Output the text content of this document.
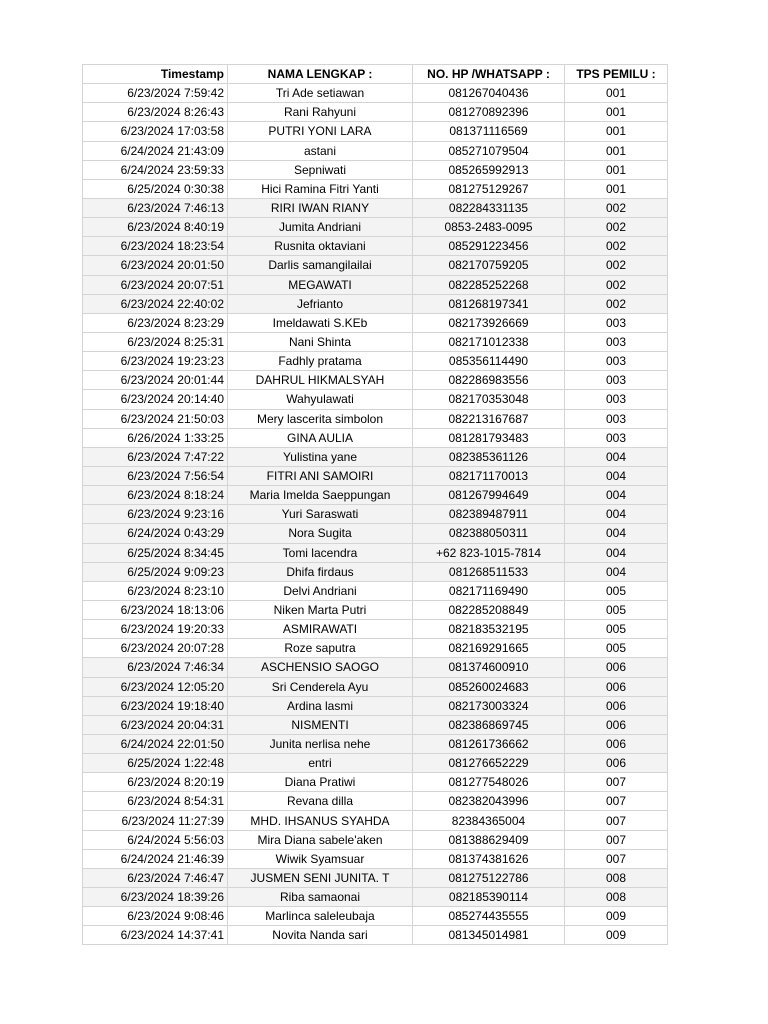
Timestamp	NAMA LENGKAP :	NO. HP /WHATSAPP :	TPS PEMILU :
6/23/2024 7:59:42	Tri Ade setiawan	081267040436	001
6/23/2024 8:26:43	Rani Rahyuni	081270892396	001
6/23/2024 17:03:58	PUTRI YONI LARA	081371116569	001
6/24/2024 21:43:09	astani	085271079504	001
6/24/2024 23:59:33	Sepniwati	085265992913	001
6/25/2024 0:30:38	Hici Ramina Fitri Yanti	081275129267	001
6/23/2024 7:46:13	RIRI IWAN RIANY	082284331135	002
6/23/2024 8:40:19	Jumita Andriani	0853-2483-0095	002
6/23/2024 18:23:54	Rusnita oktaviani	085291223456	002
6/23/2024 20:01:50	Darlis samangilailai	082170759205	002
6/23/2024 20:07:51	MEGAWATI	082285252268	002
6/23/2024 22:40:02	Jefrianto	081268197341	002
6/23/2024 8:23:29	Imeldawati S.KEb	082173926669	003
6/23/2024 8:25:31	Nani Shinta	082171012338	003
6/23/2024 19:23:23	Fadhly pratama	085356114490	003
6/23/2024 20:01:44	DAHRUL HIKMALSYAH	082286983556	003
6/23/2024 20:14:40	Wahyulawati	082170353048	003
6/23/2024 21:50:03	Mery lascerita simbolon	082213167687	003
6/26/2024 1:33:25	GINA AULIA	081281793483	003
6/23/2024 7:47:22	Yulistina yane	082385361126	004
6/23/2024 7:56:54	FITRI ANI SAMOIRI	082171170013	004
6/23/2024 8:18:24	Maria Imelda Saeppungan	081267994649	004
6/23/2024 9:23:16	Yuri Saraswati	082389487911	004
6/24/2024 0:43:29	Nora Sugita	082388050311	004
6/25/2024 8:34:45	Tomi lacendra	+62 823-1015-7814	004
6/25/2024 9:09:23	Dhifa firdaus	081268511533	004
6/23/2024 8:23:10	Delvi Andriani	082171169490	005
6/23/2024 18:13:06	Niken Marta Putri	082285208849	005
6/23/2024 19:20:33	ASMIRAWATI	082183532195	005
6/23/2024 20:07:28	Roze saputra	082169291665	005
6/23/2024 7:46:34	ASCHENSIO SAOGO	081374600910	006
6/23/2024 12:05:20	Sri Cenderela Ayu	085260024683	006
6/23/2024 19:18:40	Ardina lasmi	082173003324	006
6/23/2024 20:04:31	NISMENTI	082386869745	006
6/24/2024 22:01:50	Junita nerlisa nehe	081261736662	006
6/25/2024 1:22:48	entri	081276652229	006
6/23/2024 8:20:19	Diana Pratiwi	081277548026	007
6/23/2024 8:54:31	Revana dilla	082382043996	007
6/23/2024 11:27:39	MHD. IHSANUS SYAHDA	82384365004	007
6/24/2024 5:56:03	Mira Diana sabele'aken	081388629409	007
6/24/2024 21:46:39	Wiwik Syamsuar	081374381626	007
6/23/2024 7:46:47	JUSMEN SENI JUNITA. T	081275122786	008
6/23/2024 18:39:26	Riba samaonai	082185390114	008
6/23/2024 9:08:46	Marlinca saleleubaja	085274435555	009
6/23/2024 14:37:41	Novita Nanda sari	081345014981	009
